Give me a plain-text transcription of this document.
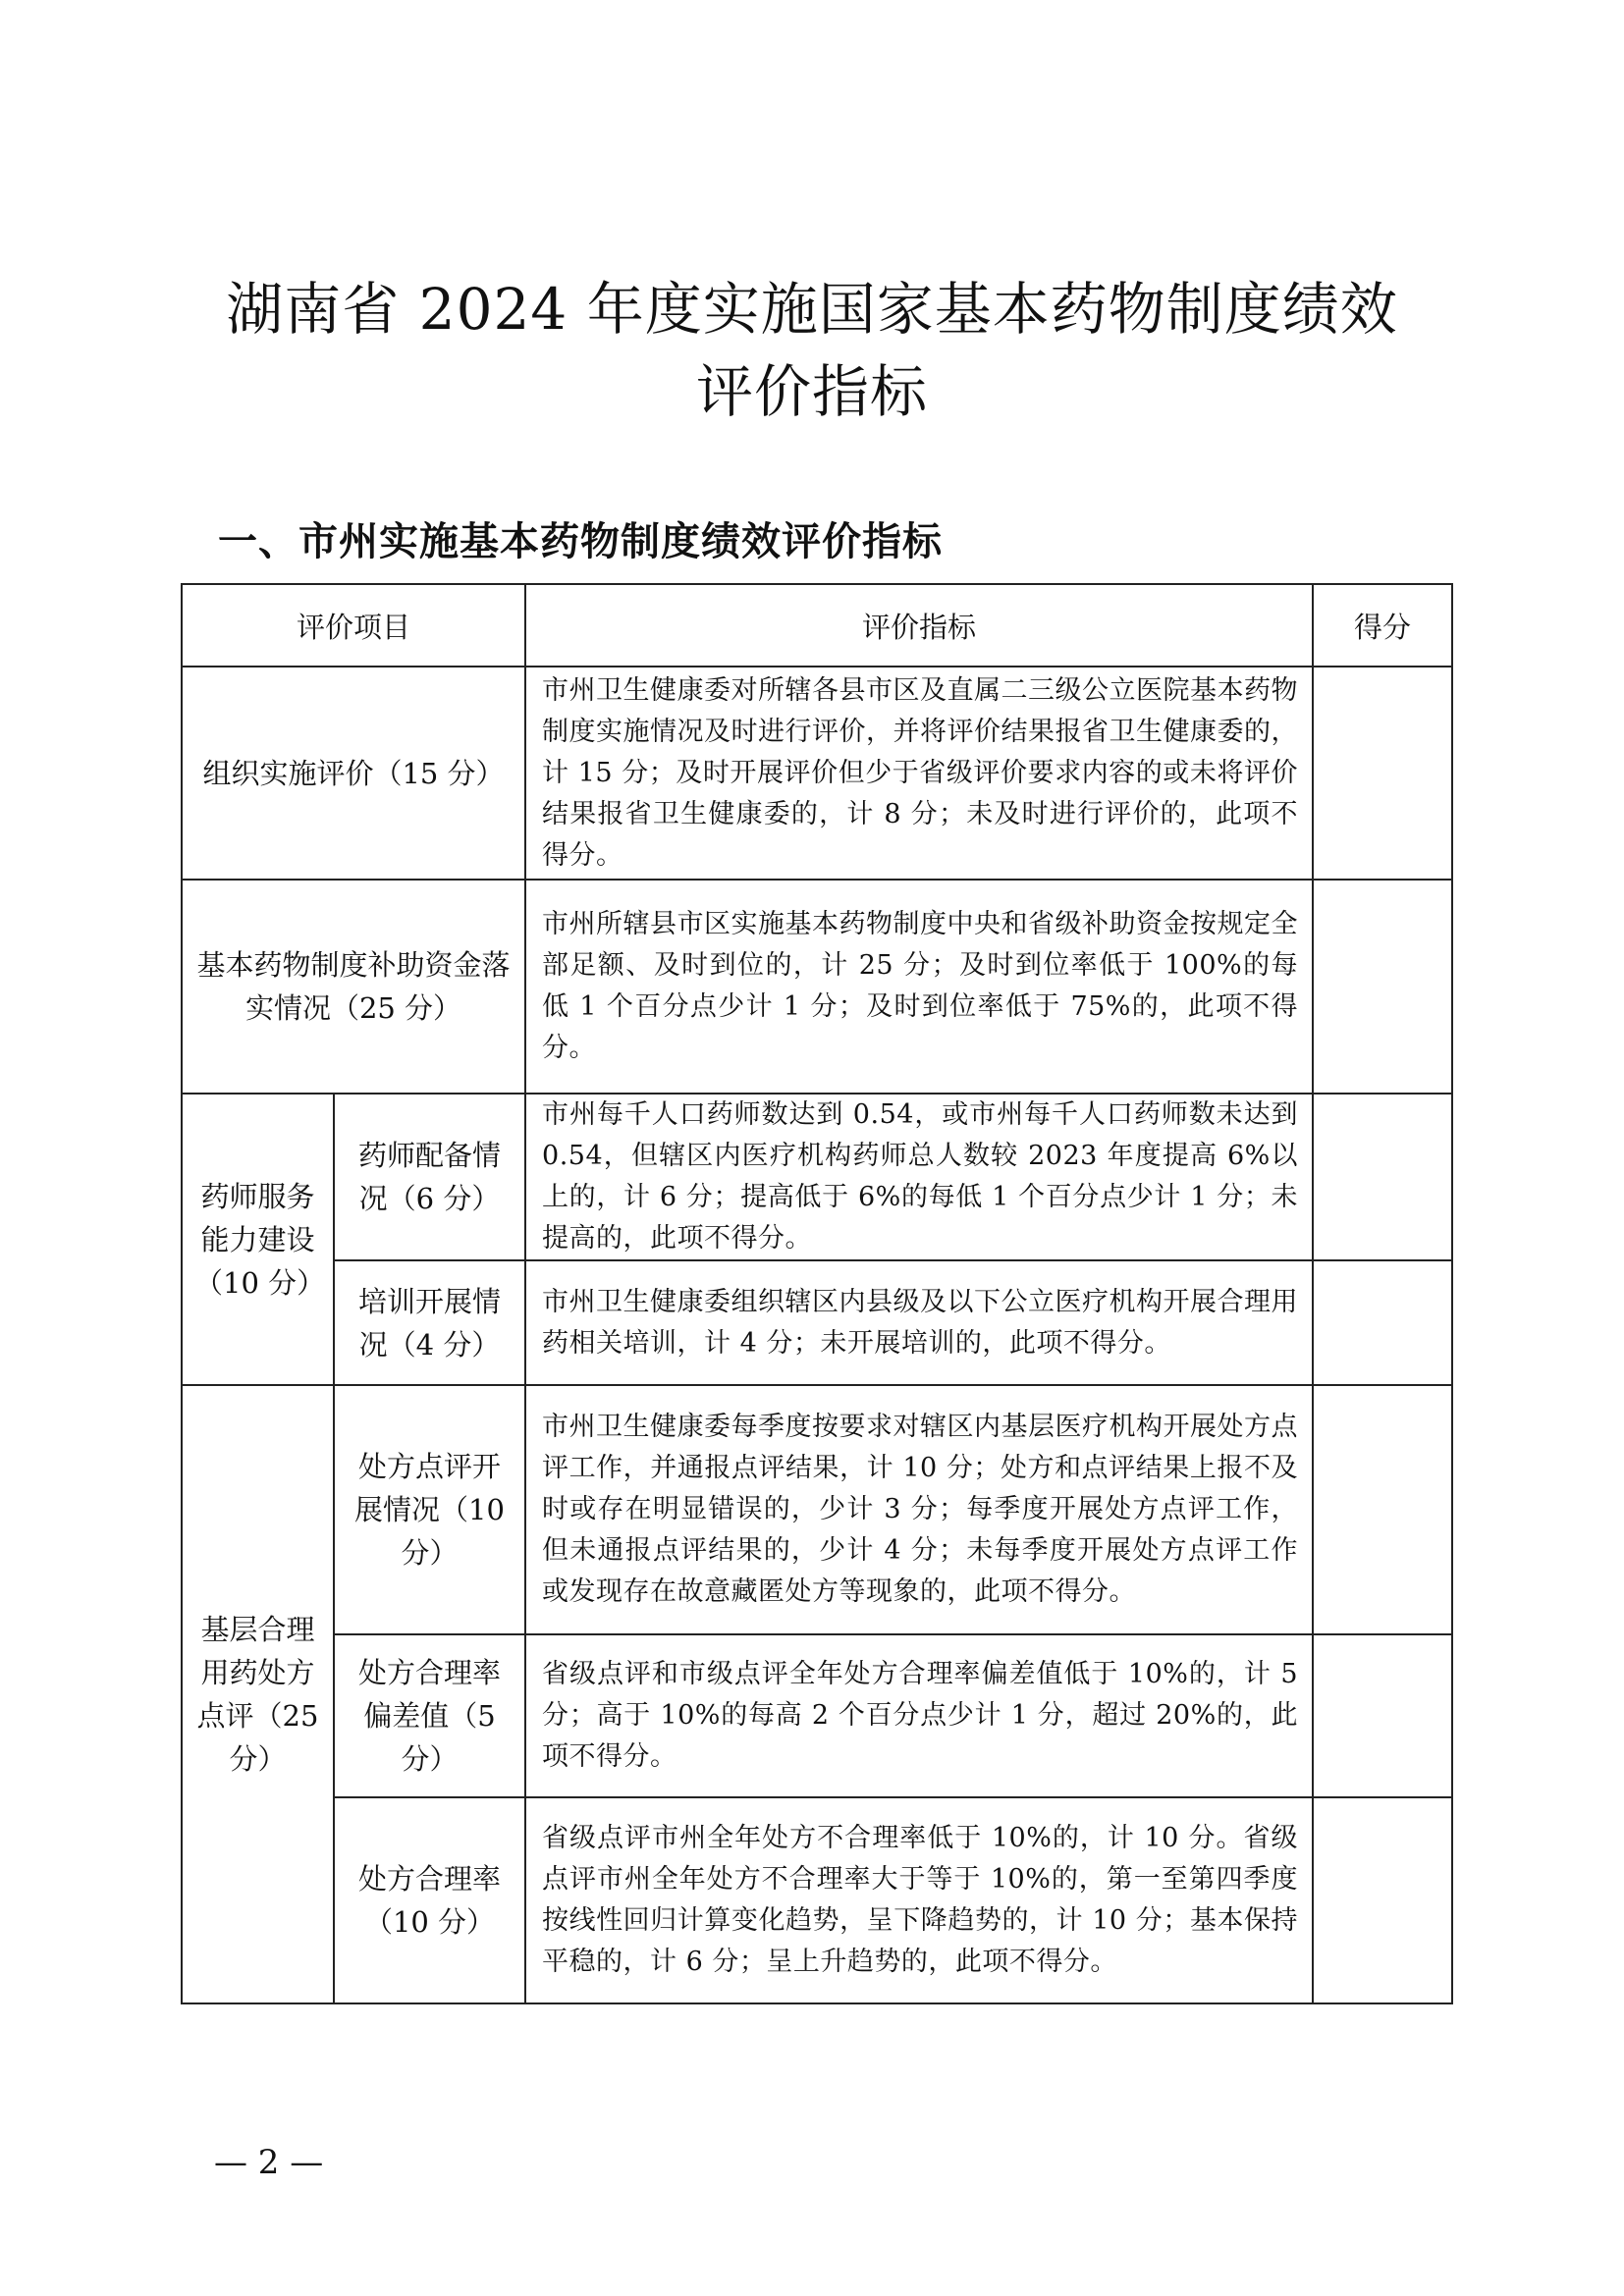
湖南省 2024 年度实施国家基本药物制度绩效
评价指标
一、市州实施基本药物制度绩效评价指标
评价项目		评价指标	得分
组织实施评价（15 分）		市州卫生健康委对所辖各县市区及直属二三级公立医院基本药物制度实施情况及时进行评价，并将评价结果报省卫生健康委的，计 15 分；及时开展评价但少于省级评价要求内容的或未将评价结果报省卫生健康委的，计 8 分；未及时进行评价的，此项不得分。	
基本药物制度补助资金落实情况（25 分）		市州所辖县市区实施基本药物制度中央和省级补助资金按规定全部足额、及时到位的，计 25 分；及时到位率低于 100%的每低 1 个百分点少计 1 分；及时到位率低于 75%的，此项不得分。	
药师服务能力建设（10 分）	药师配备情况（6 分）	市州每千人口药师数达到 0.54，或市州每千人口药师数未达到 0.54，但辖区内医疗机构药师总人数较 2023 年度提高 6%以上的，计 6 分；提高低于 6%的每低 1 个百分点少计 1 分；未提高的，此项不得分。	
	培训开展情况（4 分）	市州卫生健康委组织辖区内县级及以下公立医疗机构开展合理用药相关培训，计 4 分；未开展培训的，此项不得分。	
基层合理用药处方点评（25 分）	处方点评开展情况（10 分）	市州卫生健康委每季度按要求对辖区内基层医疗机构开展处方点评工作，并通报点评结果，计 10 分；处方和点评结果上报不及时或存在明显错误的，少计 3 分；每季度开展处方点评工作，但未通报点评结果的，少计 4 分；未每季度开展处方点评工作或发现存在故意藏匿处方等现象的，此项不得分。	
	处方合理率偏差值（5 分）	省级点评和市级点评全年处方合理率偏差值低于 10%的，计 5 分；高于 10%的每高 2 个百分点少计 1 分，超过 20%的，此项不得分。	
	处方合理率（10 分）	省级点评市州全年处方不合理率低于 10%的，计 10 分。省级点评市州全年处方不合理率大于等于 10%的，第一至第四季度按线性回归计算变化趋势，呈下降趋势的，计 10 分；基本保持平稳的，计 6 分；呈上升趋势的，此项不得分。	
— 2 —
